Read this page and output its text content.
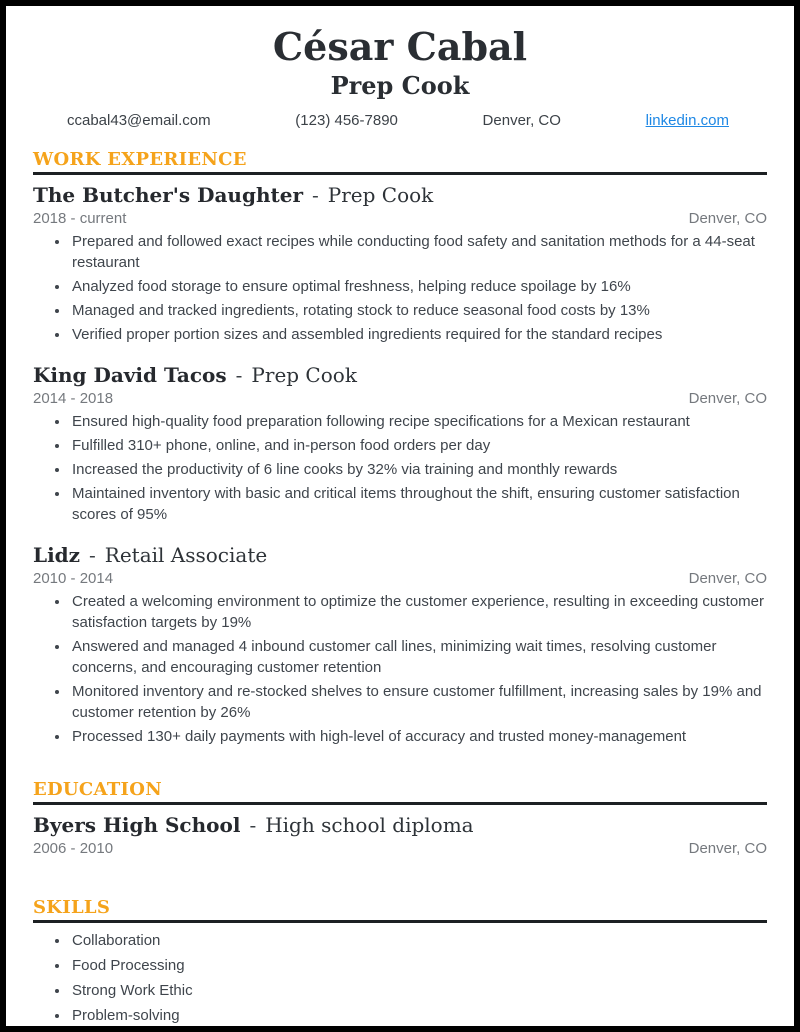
César Cabal
Prep Cook
ccabal43@email.com	(123) 456-7890	Denver, CO	linkedin.com
WORK EXPERIENCE
The Butcher's Daughter - Prep Cook
2018 - current	Denver, CO
• Prepared and followed exact recipes while conducting food safety and sanitation methods for a 44-seat restaurant
• Analyzed food storage to ensure optimal freshness, helping reduce spoilage by 16%
• Managed and tracked ingredients, rotating stock to reduce seasonal food costs by 13%
• Verified proper portion sizes and assembled ingredients required for the standard recipes
King David Tacos - Prep Cook
2014 - 2018	Denver, CO
• Ensured high-quality food preparation following recipe specifications for a Mexican restaurant
• Fulfilled 310+ phone, online, and in-person food orders per day
• Increased the productivity of 6 line cooks by 32% via training and monthly rewards
• Maintained inventory with basic and critical items throughout the shift, ensuring customer satisfaction scores of 95%
Lidz - Retail Associate
2010 - 2014	Denver, CO
• Created a welcoming environment to optimize the customer experience, resulting in exceeding customer satisfaction targets by 19%
• Answered and managed 4 inbound customer call lines, minimizing wait times, resolving customer concerns, and encouraging customer retention
• Monitored inventory and re-stocked shelves to ensure customer fulfillment, increasing sales by 19% and customer retention by 26%
• Processed 130+ daily payments with high-level of accuracy and trusted money-management
EDUCATION
Byers High School - High school diploma
2006 - 2010	Denver, CO
SKILLS
• Collaboration
• Food Processing
• Strong Work Ethic
• Problem-solving
